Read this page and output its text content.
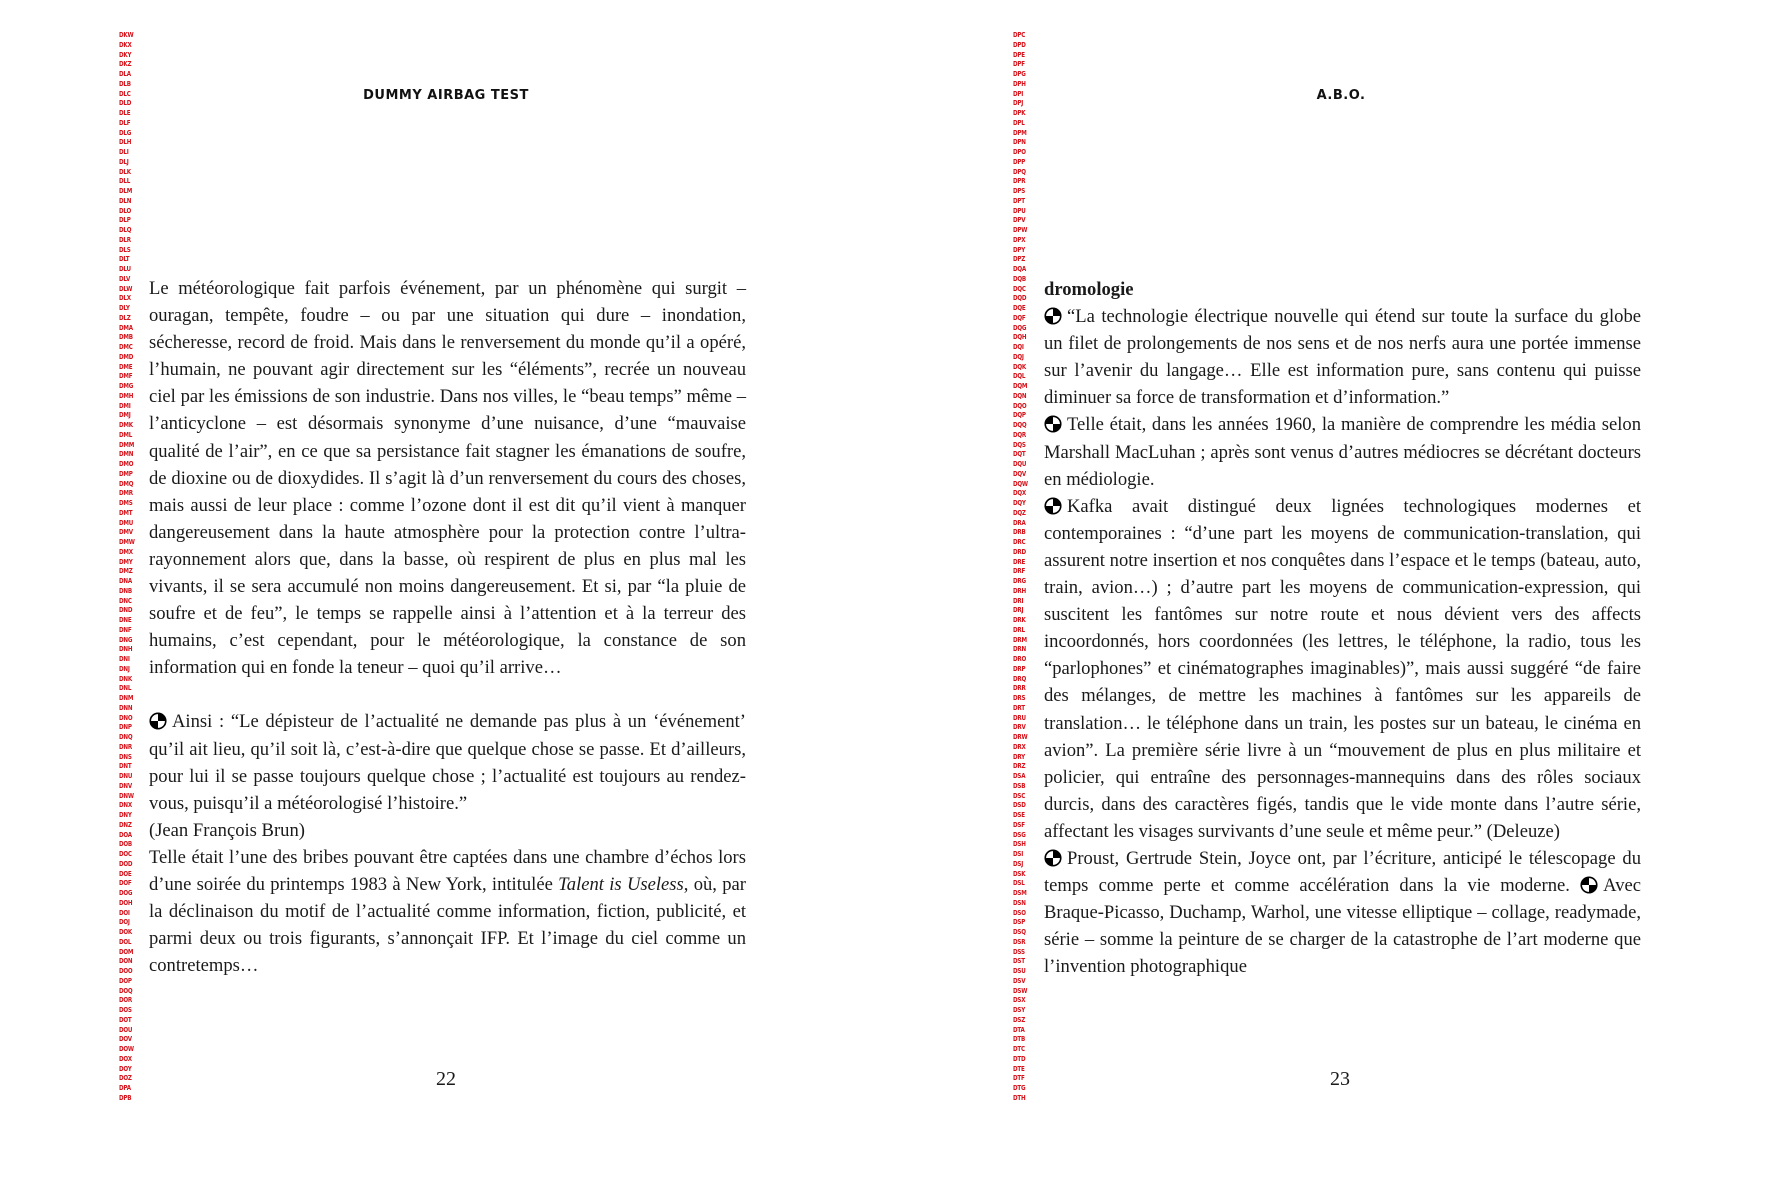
DKW
DKX
DKY
DKZ
DLA
DLB
DLC
DLD
DLE
DLF
DLG
DLH
DLI
DLJ
DLK
DLL
DLM
DLN
DLO
DLP
DLQ
DLR
DLS
DLT
DLU
DLV
DLW
DLX
DLY
DLZ
DMA
DMB
DMC
DMD
DME
DMF
DMG
DMH
DMI
DMJ
DMK
DML
DMM
DMN
DMO
DMP
DMQ
DMR
DMS
DMT
DMU
DMV
DMW
DMX
DMY
DMZ
DNA
DNB
DNC
DND
DNE
DNF
DNG
DNH
DNI
DNJ
DNK
DNL
DNM
DNN
DNO
DNP
DNQ
DNR
DNS
DNT
DNU
DNV
DNW
DNX
DNY
DNZ
DOA
DOB
DOC
DOD
DOE
DOF
DOG
DOH
DOI
DOJ
DOK
DOL
DOM
DON
DOO
DOP
DOQ
DOR
DOS
DOT
DOU
DOV
DOW
DOX
DOY
DOZ
DPA
DPB
DUMMY AIRBAG TEST

Le météorologique fait parfois événement, par un phénomène qui surgit – ouragan, tempête, foudre – ou par une situation qui dure – inondation, sécheresse, record de froid. Mais dans le renversement du monde qu’il a opéré, l’humain, ne pouvant agir directement sur les “éléments”, recrée un nouveau ciel par les émissions de son industrie. Dans nos villes, le “beau temps” même – l’anticyclone – est désormais synonyme d’une nuisance, d’une “mauvaise qualité de l’air”, en ce que sa persistance fait stagner les émanations de soufre, de dioxine ou de dioxydides. Il s’agit là d’un renversement du cours des choses, mais aussi de leur place : comme l’ozone dont il est dit qu’il vient à manquer dangereusement dans la haute atmosphère pour la protection contre l’ultra-rayonnement alors que, dans la basse, où respirent de plus en plus mal les vivants, il se sera accumulé non moins dangereusement. Et si, par “la pluie de soufre et de feu”, le temps se rappelle ainsi à l’attention et à la terreur des humains, c’est cependant, pour le météorologique, la constance de son information qui en fonde la teneur – quoi qu’il arrive…

Ainsi : “Le dépisteur de l’actualité ne demande pas plus à un ‘événement’ qu’il ait lieu, qu’il soit là, c’est-à-dire que quelque chose se passe. Et d’ailleurs, pour lui il se passe toujours quelque chose ; l’actualité est toujours au rendez-vous, puisqu’il a météorologisé l’histoire.”

(Jean François Brun)

Telle était l’une des bribes pouvant être captées dans une chambre d’échos lors d’une soirée du printemps 1983 à New York, intitulée Talent is Useless, où, par la déclinaison du motif de l’actualité comme information, fiction, publicité, et parmi deux ou trois figurants, s’annonçait IFP. Et l’image du ciel comme un contretemps…

22
DPC
DPD
DPE
DPF
DPG
DPH
DPI
DPJ
DPK
DPL
DPM
DPN
DPO
DPP
DPQ
DPR
DPS
DPT
DPU
DPV
DPW
DPX
DPY
DPZ
DQA
DQB
DQC
DQD
DQE
DQF
DQG
DQH
DQI
DQJ
DQK
DQL
DQM
DQN
DQO
DQP
DQQ
DQR
DQS
DQT
DQU
DQV
DQW
DQX
DQY
DQZ
DRA
DRB
DRC
DRD
DRE
DRF
DRG
DRH
DRI
DRJ
DRK
DRL
DRM
DRN
DRO
DRP
DRQ
DRR
DRS
DRT
DRU
DRV
DRW
DRX
DRY
DRZ
DSA
DSB
DSC
DSD
DSE
DSF
DSG
DSH
DSI
DSJ
DSK
DSL
DSM
DSN
DSO
DSP
DSQ
DSR
DSS
DST
DSU
DSV
DSW
DSX
DSY
DSZ
DTA
DTB
DTC
DTD
DTE
DTF
DTG
DTH
A.B.O.

dromologie

“La technologie électrique nouvelle qui étend sur toute la surface du globe un filet de prolongements de nos sens et de nos nerfs aura une portée immense sur l’avenir du langage… Elle est information pure, sans contenu qui puisse diminuer sa force de transformation et d’information.”

Telle était, dans les années 1960, la manière de comprendre les média selon Marshall MacLuhan ; après sont venus d’autres médiocres se décrétant docteurs en médiologie.

Kafka avait distingué deux lignées technologiques modernes et contemporaines : “d’une part les moyens de communication-translation, qui assurent notre insertion et nos conquêtes dans l’espace et le temps (bateau, auto, train, avion…) ; d’autre part les moyens de communication-expression, qui suscitent les fantômes sur notre route et nous dévient vers des affects incoordonnés, hors coordonnées (les lettres, le téléphone, la radio, tous les “parlophones” et cinématographes imaginables)”, mais aussi suggéré “de faire des mélanges, de mettre les machines à fantômes sur les appareils de translation… le téléphone dans un train, les postes sur un bateau, le cinéma en avion”. La première série livre à un “mouvement de plus en plus militaire et policier, qui entraîne des personnages-mannequins dans des rôles sociaux durcis, dans des caractères figés, tandis que le vide monte dans l’autre série, affectant les visages survivants d’une seule et même peur.” (Deleuze)

Proust, Gertrude Stein, Joyce ont, par l’écriture, anticipé le télescopage du temps comme perte et comme accélération dans la vie moderne. Avec Braque-Picasso, Duchamp, Warhol, une vitesse elliptique – collage, readymade, série – somme la peinture de se charger de la catastrophe de l’art moderne que l’invention photographique

23
